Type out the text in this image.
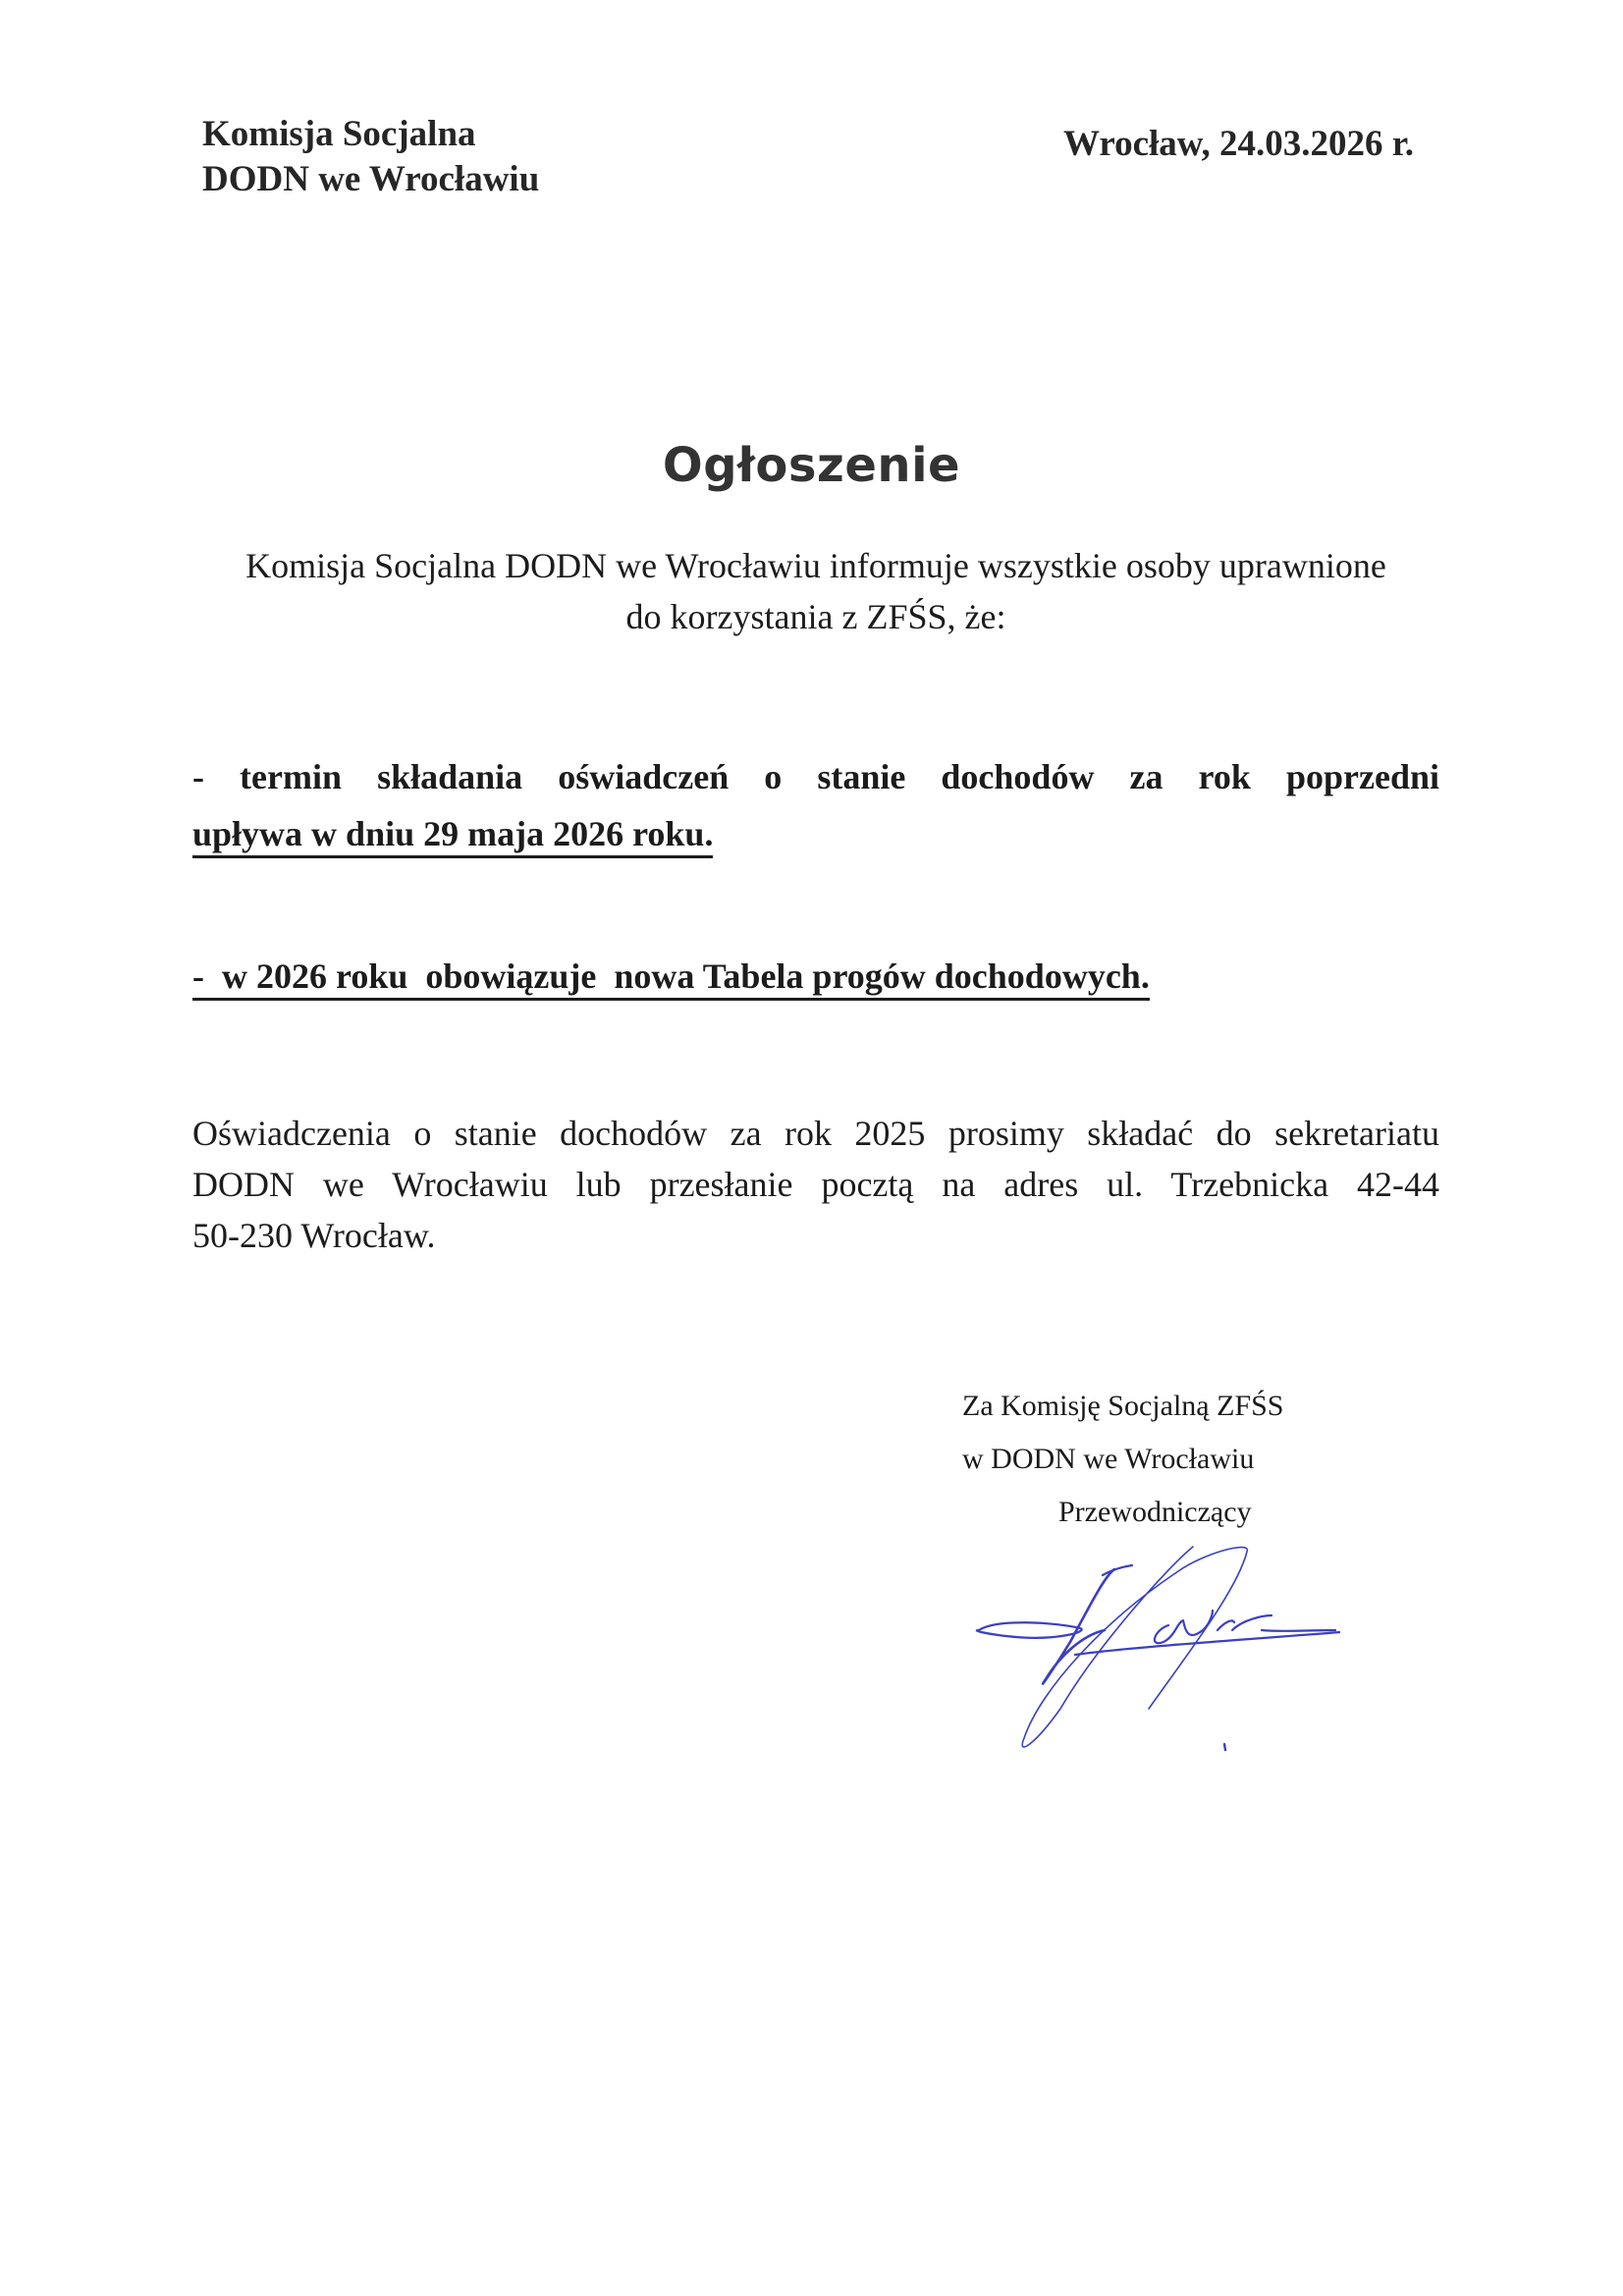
Komisja Socjalna
DODN we Wrocławiu
Wrocław, 24.03.2026 r.
Ogłoszenie
Komisja Socjalna DODN we Wrocławiu informuje wszystkie osoby uprawnione
do korzystania z ZFŚS, że:
- termin składania oświadczeń o stanie dochodów za rok poprzedni
upływa w dniu 29 maja 2026 roku.
-  w 2026 roku  obowiązuje  nowa Tabela progów dochodowych.
Oświadczenia o stanie dochodów za rok 2025 prosimy składać do sekretariatu
DODN we Wrocławiu lub przesłanie pocztą na adres ul. Trzebnicka 42-44
50-230 Wrocław.
Za Komisję Socjalną ZFŚS
w DODN we Wrocławiu
Przewodniczący
